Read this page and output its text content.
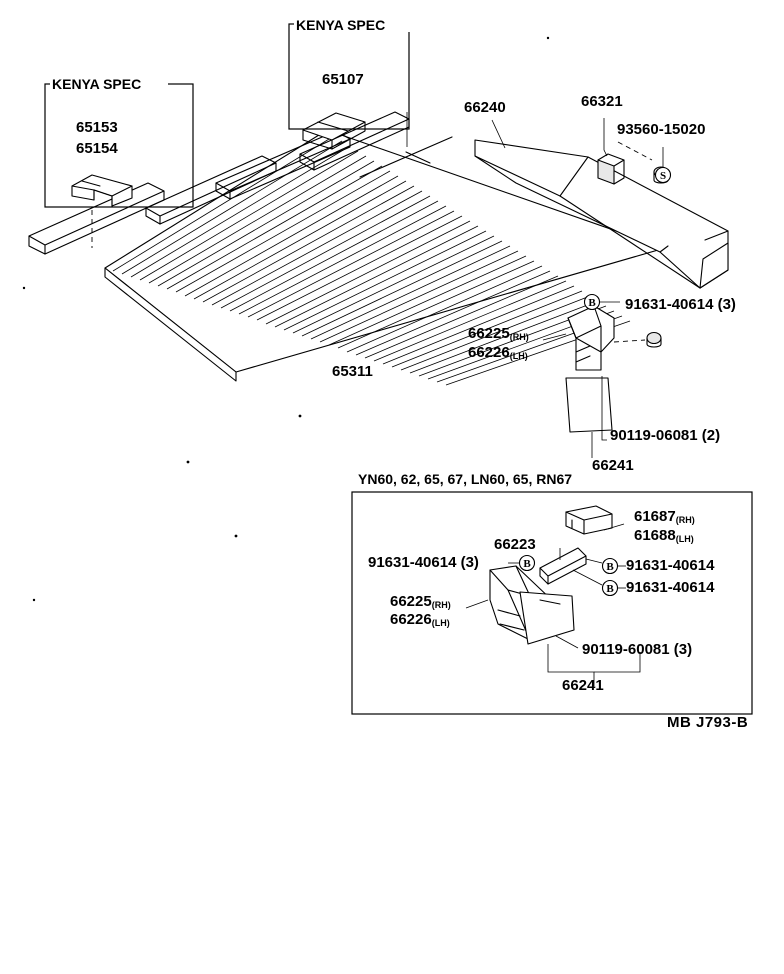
S
B
B	B
B
KENYA SPEC
65153
65154
KENYA SPEC
65107
66240	66321
93560-15020
65311
91631-40614 (3)
66225(RH)
66226(LH)
90119-06081 (2)
66241
YN60, 62, 65, 67, LN60, 65, RN67
61687(RH)
61688(LH)
66223
91631-40614 (3)	91631-40614
91631-40614
66225(RH)
66226(LH)
90119-60081 (3)
66241
MB J793-B
